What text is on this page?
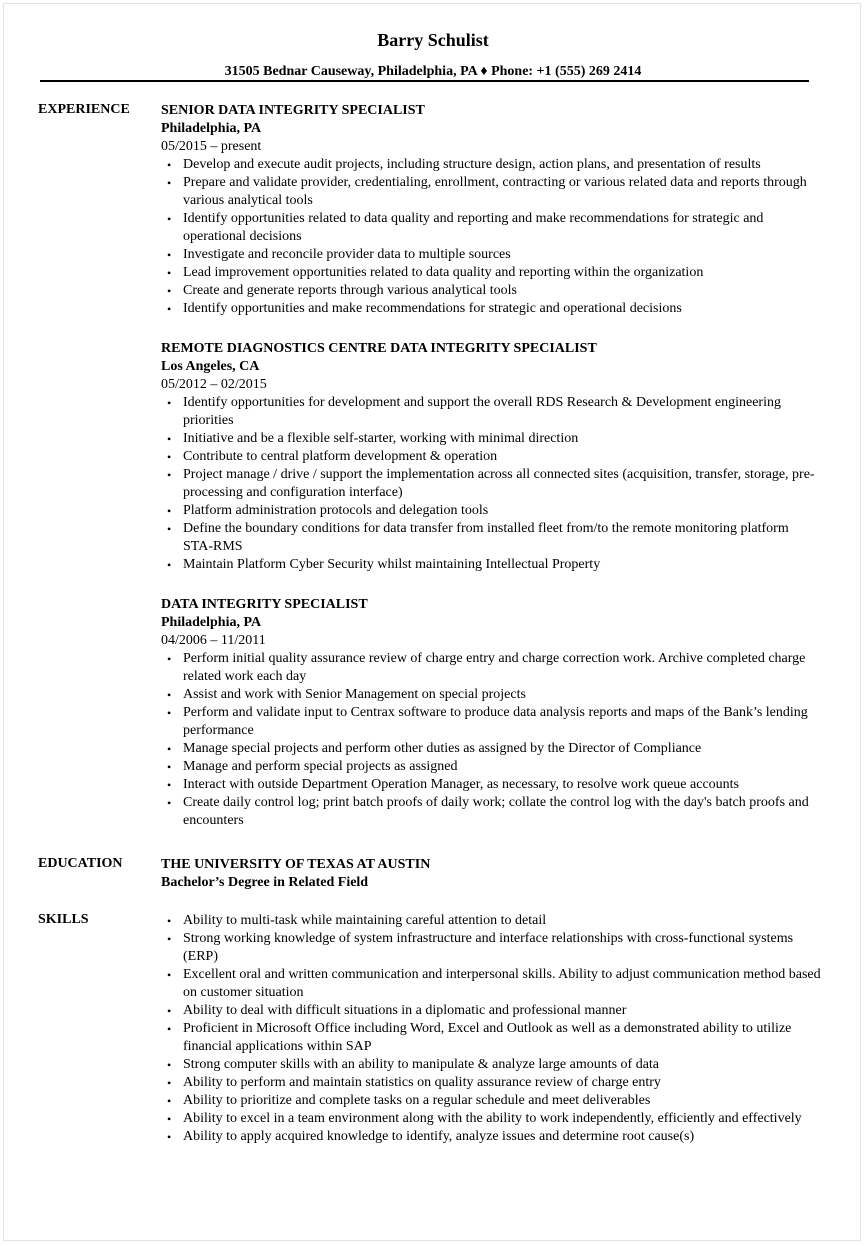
Barry Schulist
31505 Bednar Causeway, Philadelphia, PA ♦ Phone: +1 (555) 269 2414
EXPERIENCE SENIOR DATA INTEGRITY SPECIALIST
Philadelphia, PA
05/2015 – present
• Develop and execute audit projects, including structure design, action plans, and presentation of results
• Prepare and validate provider, credentialing, enrollment, contracting or various related data and reports through various analytical tools
• Identify opportunities related to data quality and reporting and make recommendations for strategic and operational decisions
• Investigate and reconcile provider data to multiple sources
• Lead improvement opportunities related to data quality and reporting within the organization
• Create and generate reports through various analytical tools
• Identify opportunities and make recommendations for strategic and operational decisions
REMOTE DIAGNOSTICS CENTRE DATA INTEGRITY SPECIALIST
Los Angeles, CA
05/2012 – 02/2015
• Identify opportunities for development and support the overall RDS Research & Development engineering priorities
• Initiative and be a flexible self-starter, working with minimal direction
• Contribute to central platform development & operation
• Project manage / drive / support the implementation across all connected sites (acquisition, transfer, storage, pre-processing and configuration interface)
• Platform administration protocols and delegation tools
• Define the boundary conditions for data transfer from installed fleet from/to the remote monitoring platform STA-RMS
• Maintain Platform Cyber Security whilst maintaining Intellectual Property
DATA INTEGRITY SPECIALIST
Philadelphia, PA
04/2006 – 11/2011
• Perform initial quality assurance review of charge entry and charge correction work. Archive completed charge related work each day
• Assist and work with Senior Management on special projects
• Perform and validate input to Centrax software to produce data analysis reports and maps of the Bank’s lending performance
• Manage special projects and perform other duties as assigned by the Director of Compliance
• Manage and perform special projects as assigned
• Interact with outside Department Operation Manager, as necessary, to resolve work queue accounts
• Create daily control log; print batch proofs of daily work; collate the control log with the day's batch proofs and encounters
EDUCATION	THE UNIVERSITY OF TEXAS AT AUSTIN
Bachelor’s Degree in Related Field
SKILLS
•	Ability to multi-task while maintaining careful attention to detail
• Strong working knowledge of system infrastructure and interface relationships with cross-functional systems (ERP)
• Excellent oral and written communication and interpersonal skills. Ability to adjust communication method based on customer situation
• Ability to deal with difficult situations in a diplomatic and professional manner
• Proficient in Microsoft Office including Word, Excel and Outlook as well as a demonstrated ability to utilize financial applications within SAP
• Strong computer skills with an ability to manipulate & analyze large amounts of data
• Ability to perform and maintain statistics on quality assurance review of charge entry
• Ability to prioritize and complete tasks on a regular schedule and meet deliverables
• Ability to excel in a team environment along with the ability to work independently, efficiently and effectively
• Ability to apply acquired knowledge to identify, analyze issues and determine root cause(s)
